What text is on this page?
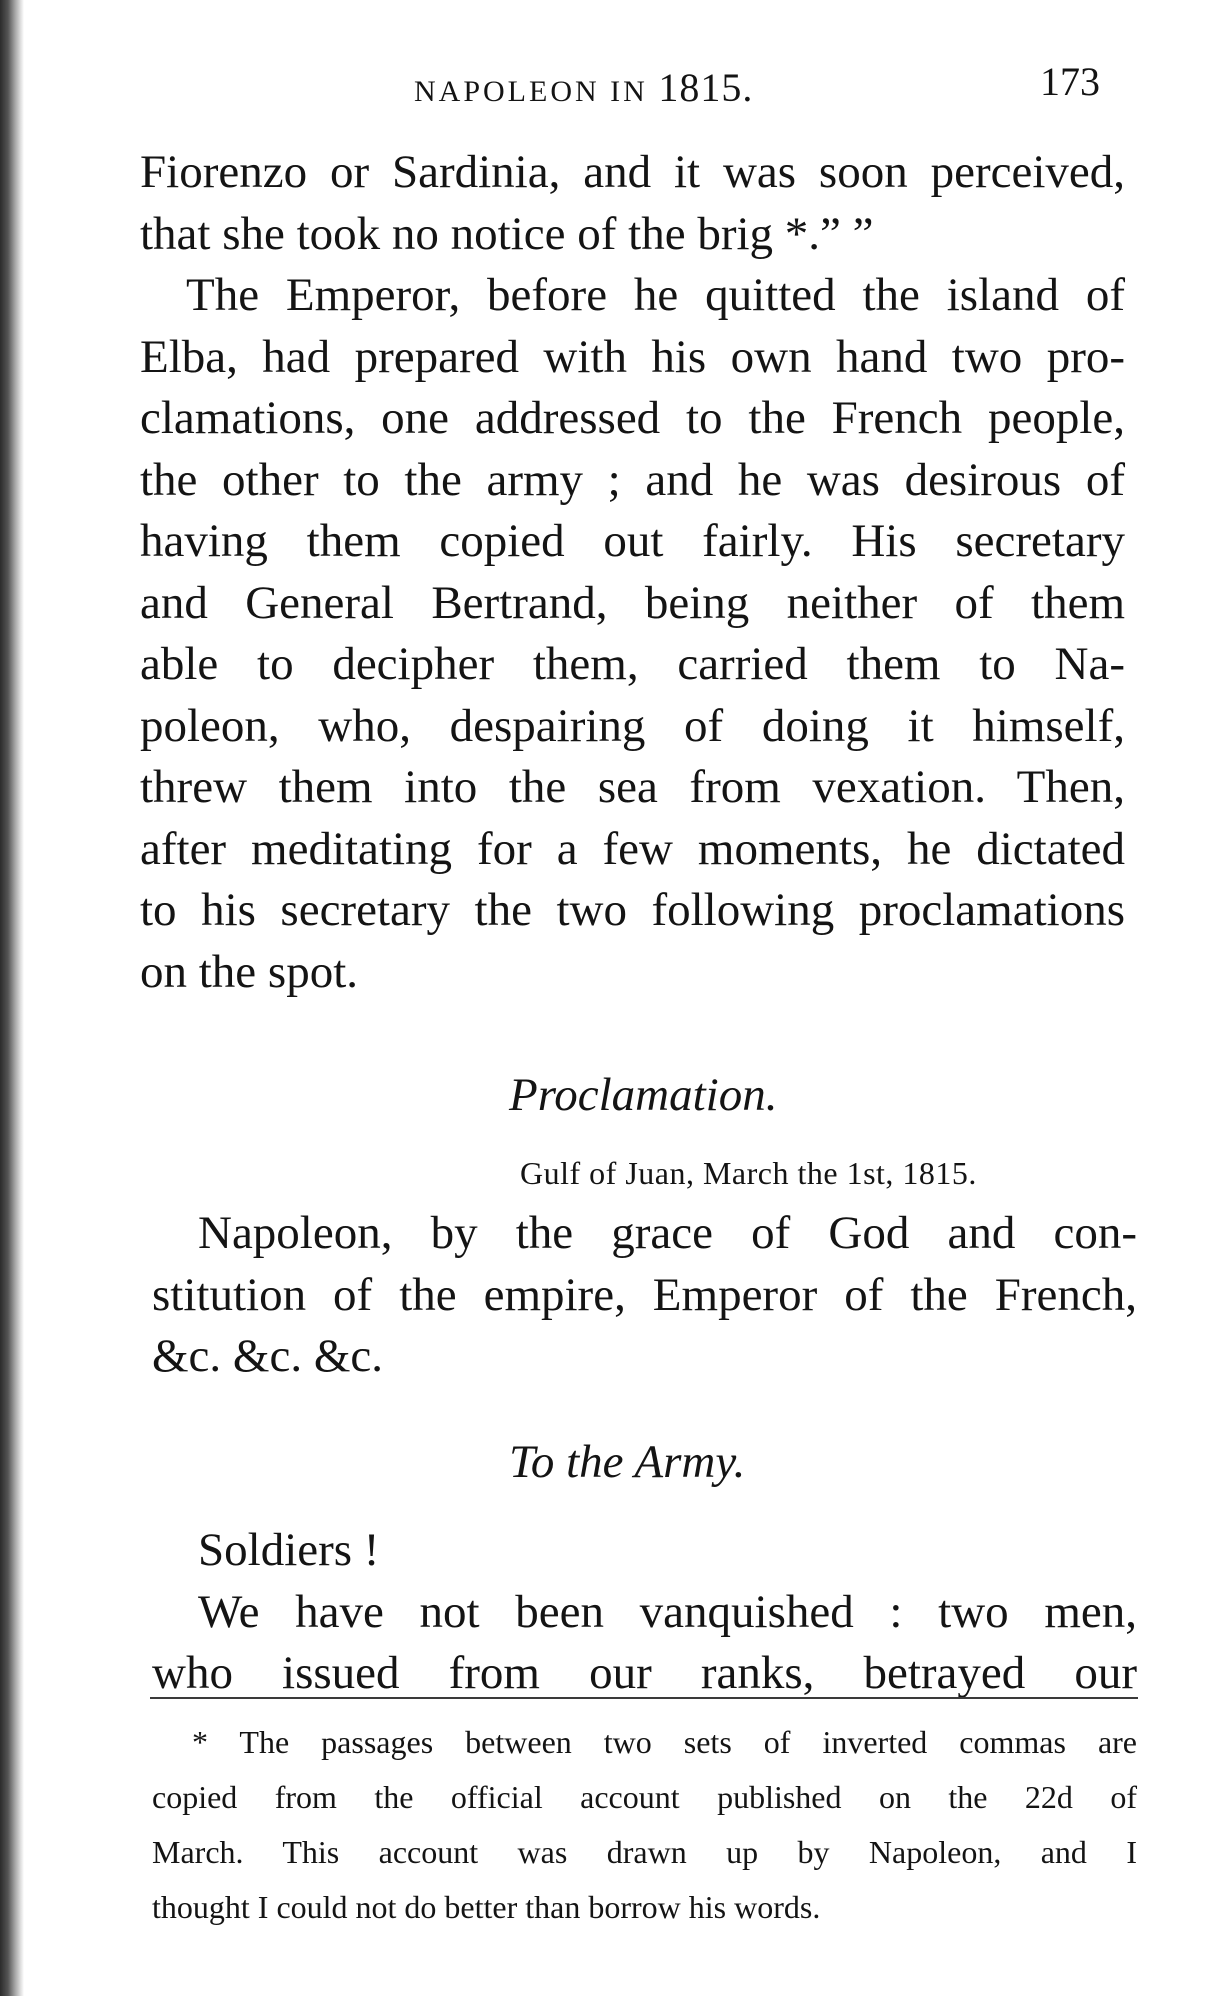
NAPOLEON IN 1815.	173
Fiorenzo or Sardinia, and it was soon perceived,
that she took no notice of the brig *.” ”
The Emperor, before he quitted the island of
Elba, had prepared with his own hand two pro-
clamations, one addressed to the French people,
the other to the army ; and he was desirous of
having them copied out fairly. His secretary
and General Bertrand, being neither of them
able to decipher them, carried them to Na-
poleon, who, despairing of doing it himself,
threw them into the sea from vexation. Then,
after meditating for a few moments, he dictated
to his secretary the two following proclamations
on the spot.
Proclamation.
Gulf of Juan, March the 1st, 1815.
Napoleon, by the grace of God and con-
stitution of the empire, Emperor of the French,
&c. &c. &c.
To the Army.
Soldiers !
We have not been vanquished : two men,
who issued from our ranks, betrayed our
* The passages between two sets of inverted commas are
copied from the official account published on the 22d of
March. This account was drawn up by Napoleon, and I
thought I could not do better than borrow his words.
